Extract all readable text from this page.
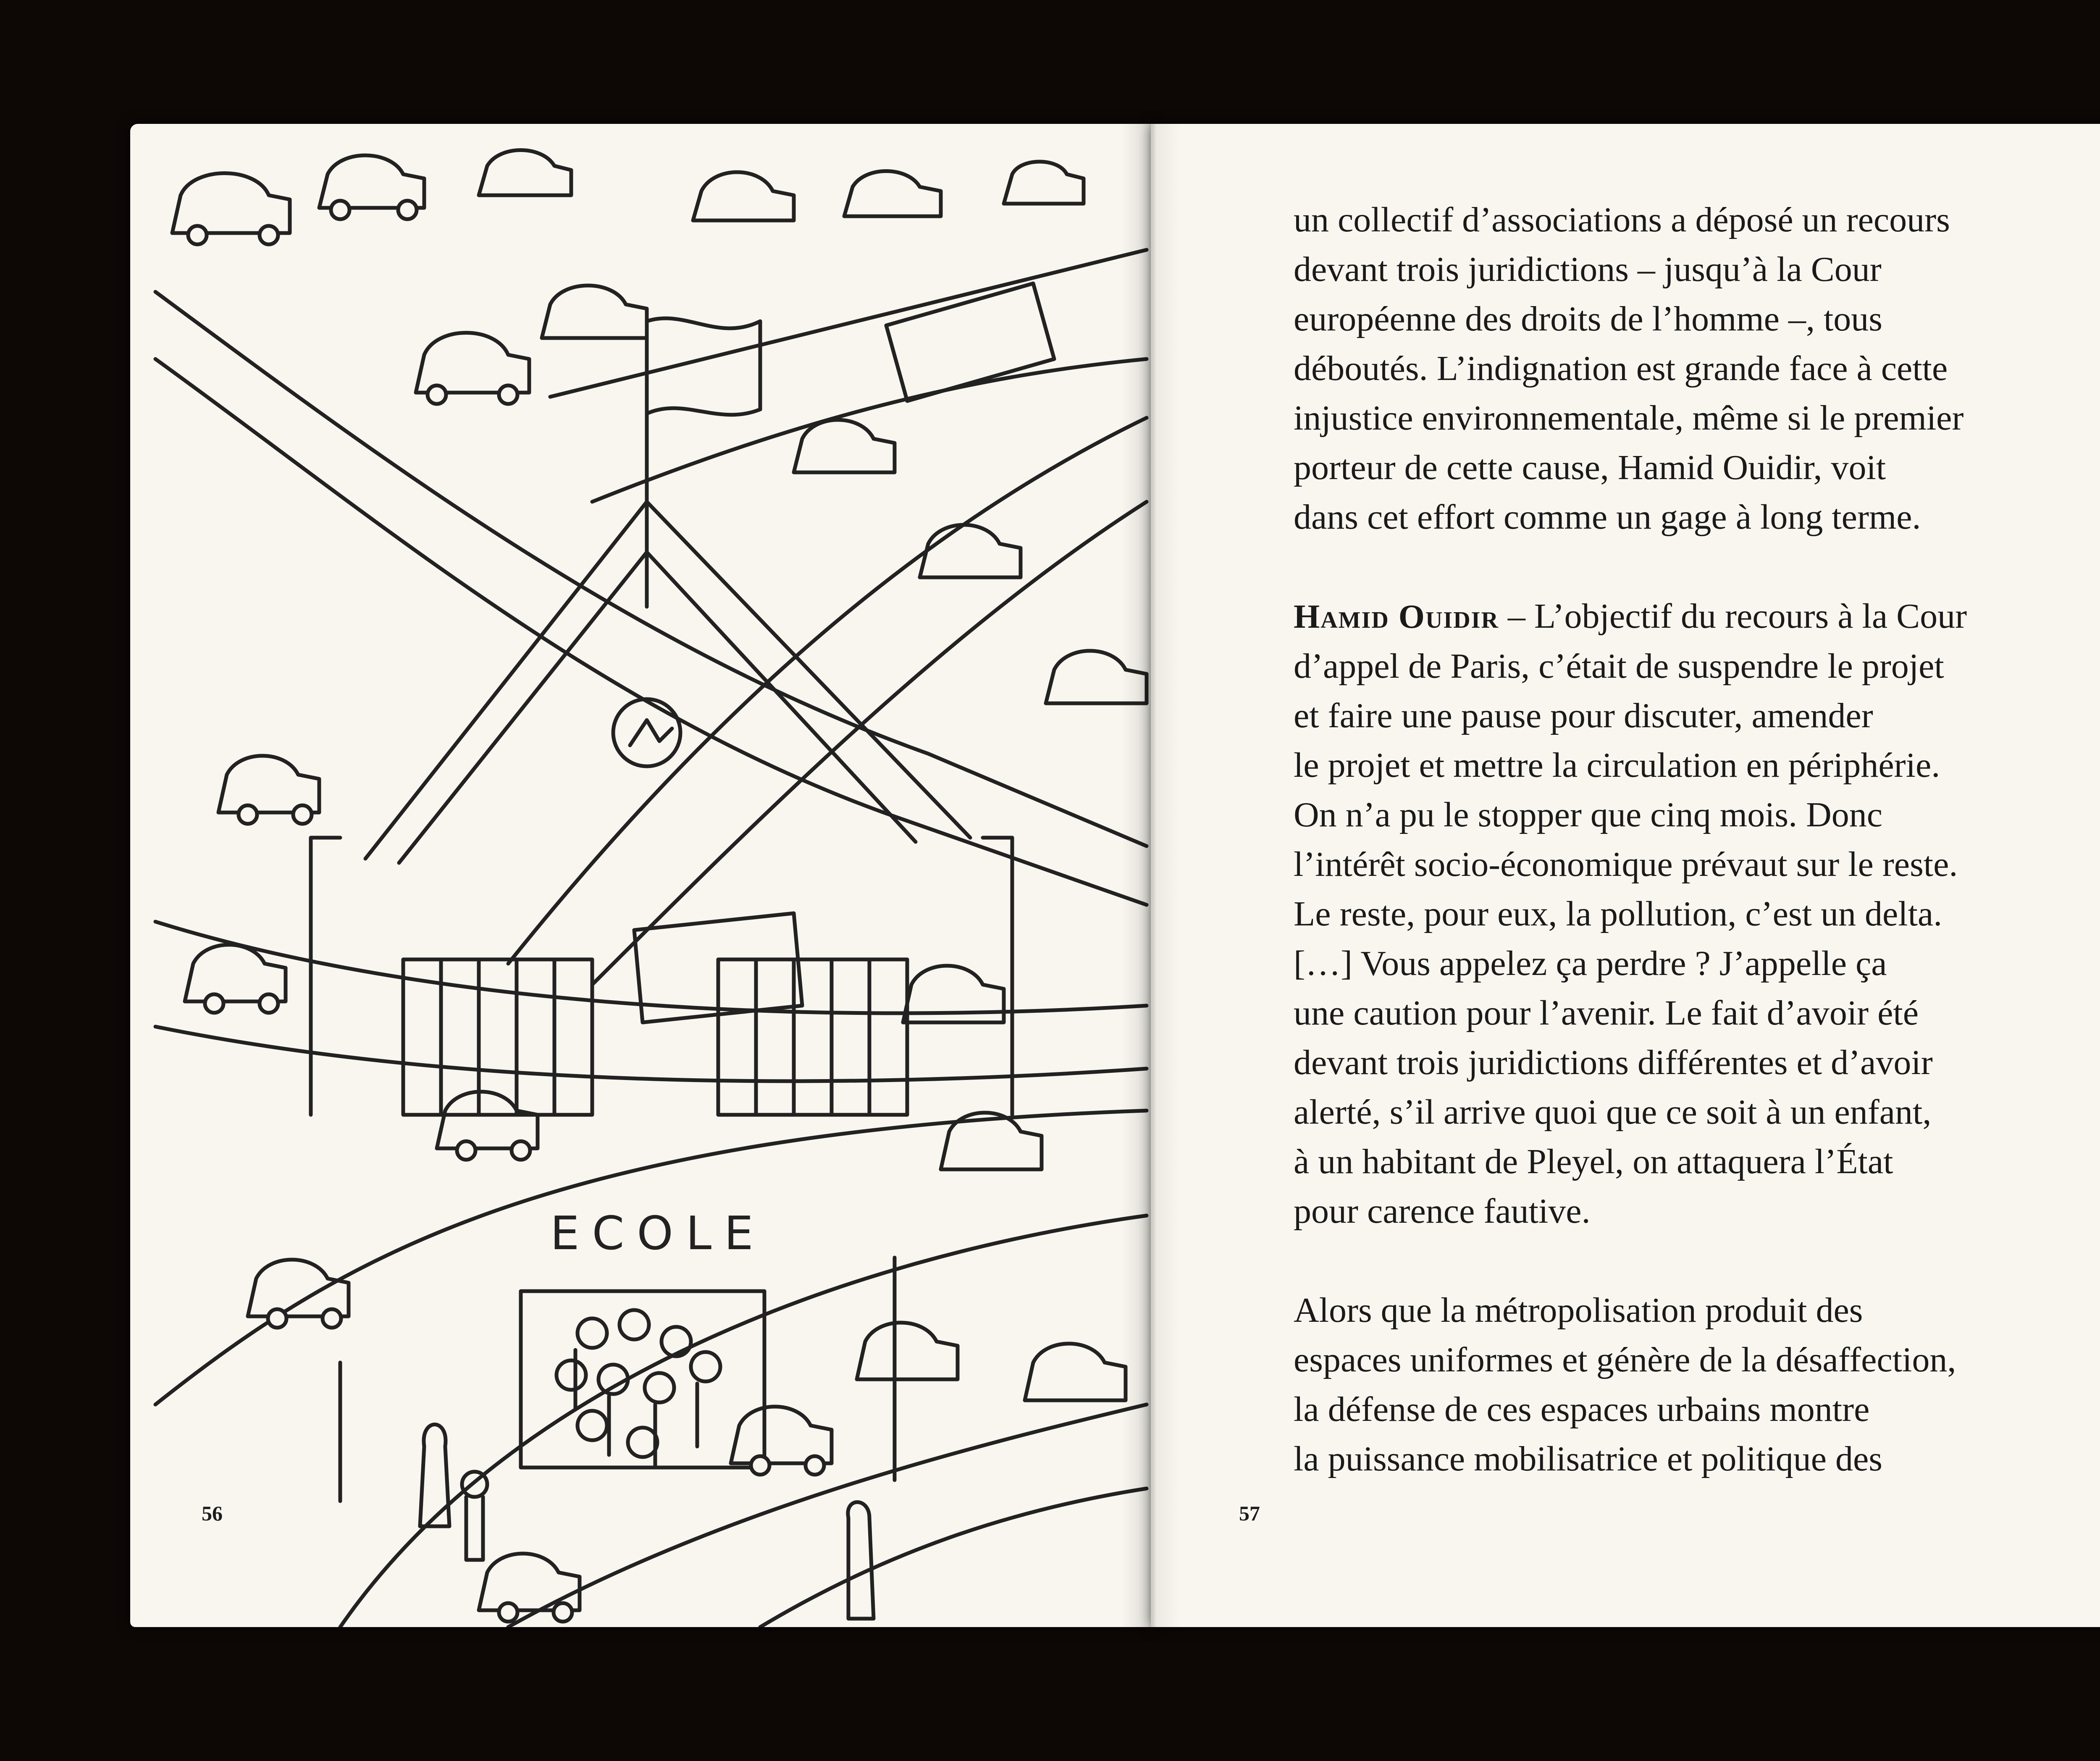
ECOLE
56

un collectif d’associations a déposé un recours
devant trois juridictions – jusqu’à la Cour
européenne des droits de l’homme –, tous
déboutés. L’indignation est grande face à cette
injustice environnementale, même si le premier
porteur de cette cause, Hamid Ouidir, voit
dans cet effort comme un gage à long terme.

Hamid Ouidir – L’objectif du recours à la Cour
d’appel de Paris, c’était de suspendre le projet
et faire une pause pour discuter, amender
le projet et mettre la circulation en périphérie.
On n’a pu le stopper que cinq mois. Donc
l’intérêt socio-économique prévaut sur le reste.
Le reste, pour eux, la pollution, c’est un delta.
[…] Vous appelez ça perdre ? J’appelle ça
une caution pour l’avenir. Le fait d’avoir été
devant trois juridictions différentes et d’avoir
alerté, s’il arrive quoi que ce soit à un enfant,
à un habitant de Pleyel, on attaquera l’État
pour carence fautive.

Alors que la métropolisation produit des
espaces uniformes et génère de la désaffection,
la défense de ces espaces urbains montre
la puissance mobilisatrice et politique des

57
